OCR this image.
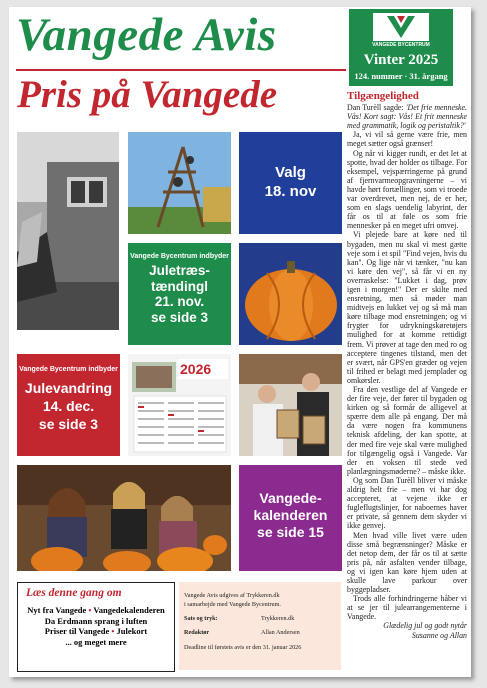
Vangede Avis
Pris på Vangede
VANGEDE BYCENTRUM
Vinter 2025
124. nummer · 31. årgang
Valg
18. nov
Vangede Bycentrum indbyder
Juletræs-
tændingl
21. nov.
se side 3
Vangede Bycentrum indbyder
Julevandring
14. dec.
se side 3
2026
Vangede-
kalenderen
se side 15
Tilgængelighed

Dan Turèll sagde: 'Det frie menneske. Vås! Kort sagt: Vås! Et frit menneske med grammatik, logik og peristaltik?'

Ja, vi vil så gerne være frie, men meget sætter også grænser!

Og når vi kigger rundt, er det let at spotte, hvad der holder os tilbage. For eksempel, vejspærringerne på grund af fjernvarmeopgravningerne – vi havde hørt fortællinger, som vi troede var overdrevet, men nej, de er her, som en slags uendelig labyrint, der får os til at føle os som frie mennesker på en meget ufri omvej.

Vi plejede bare at køre ned til bygaden, men nu skal vi mest gætte veje som i et spil "Find vejen, hvis du kan". Og lige når vi tænker, "nu kan vi køre den vej", så får vi en ny overraskelse: "Lukket i dag, prøv igen i morgen!" Der er skilte med ensretning, men så møder man midtvejs en lukket vej og så må man køre tilbage mod ensretningen; og vi frygter for udrykningskøretøjers mulighed for at komme rettidigt frem. Vi prøver at tage den med ro og acceptere tingenes tilstand, men det er svært, når GPS'en græder og vejen til frihed er belagt med jernplader og omkørsler.

Fra den vestlige del af Vangede er der fire veje, der fører til bygaden og kirken og så formår de alligevel at spærre dem alle på engang. Der må da være nogen fra kommunens teknisk afdeling, der kan spotte, at der med fire veje skal være mulighed for tilgængelig også i Vangede. Var der en voksen til stede ved planlægningsmøderne? – måske ikke.

Og som Dan Turèll bliver vi måske aldrig helt frie – men vi har dog accepteret, at vejene ikke er fugleflugtslinjer, for naboernes haver er private, så gennem dem skyder vi ikke genvej.

Men hvad ville livet være uden disse små begrænsninger? Måske er det netop dem, der får os til at sætte pris på, når asfalten vender tilbage, og vi igen kan køre hjem uden at skulle lave parkour over byggepladser.

Trods alle forhindringerne håber vi at se jer til julearrangementerne i Vangede.

Glædelig jul og godt nytår

Susanne og Allan

Læs denne gang om
Nyt fra Vangede • Vangedekalenderen
Da Erdmann sprang i luften
Priser til Vangede • Julekort
... og meget mere
Vangede Avis udgives af Trykkeren.dk
i samarbejde med Vangede Bycentrum.
Sats og tryk:	Trykkeren.dk
Redaktør	Allan Andersen
Deadline til førstets avis er den 31. januar 2026
